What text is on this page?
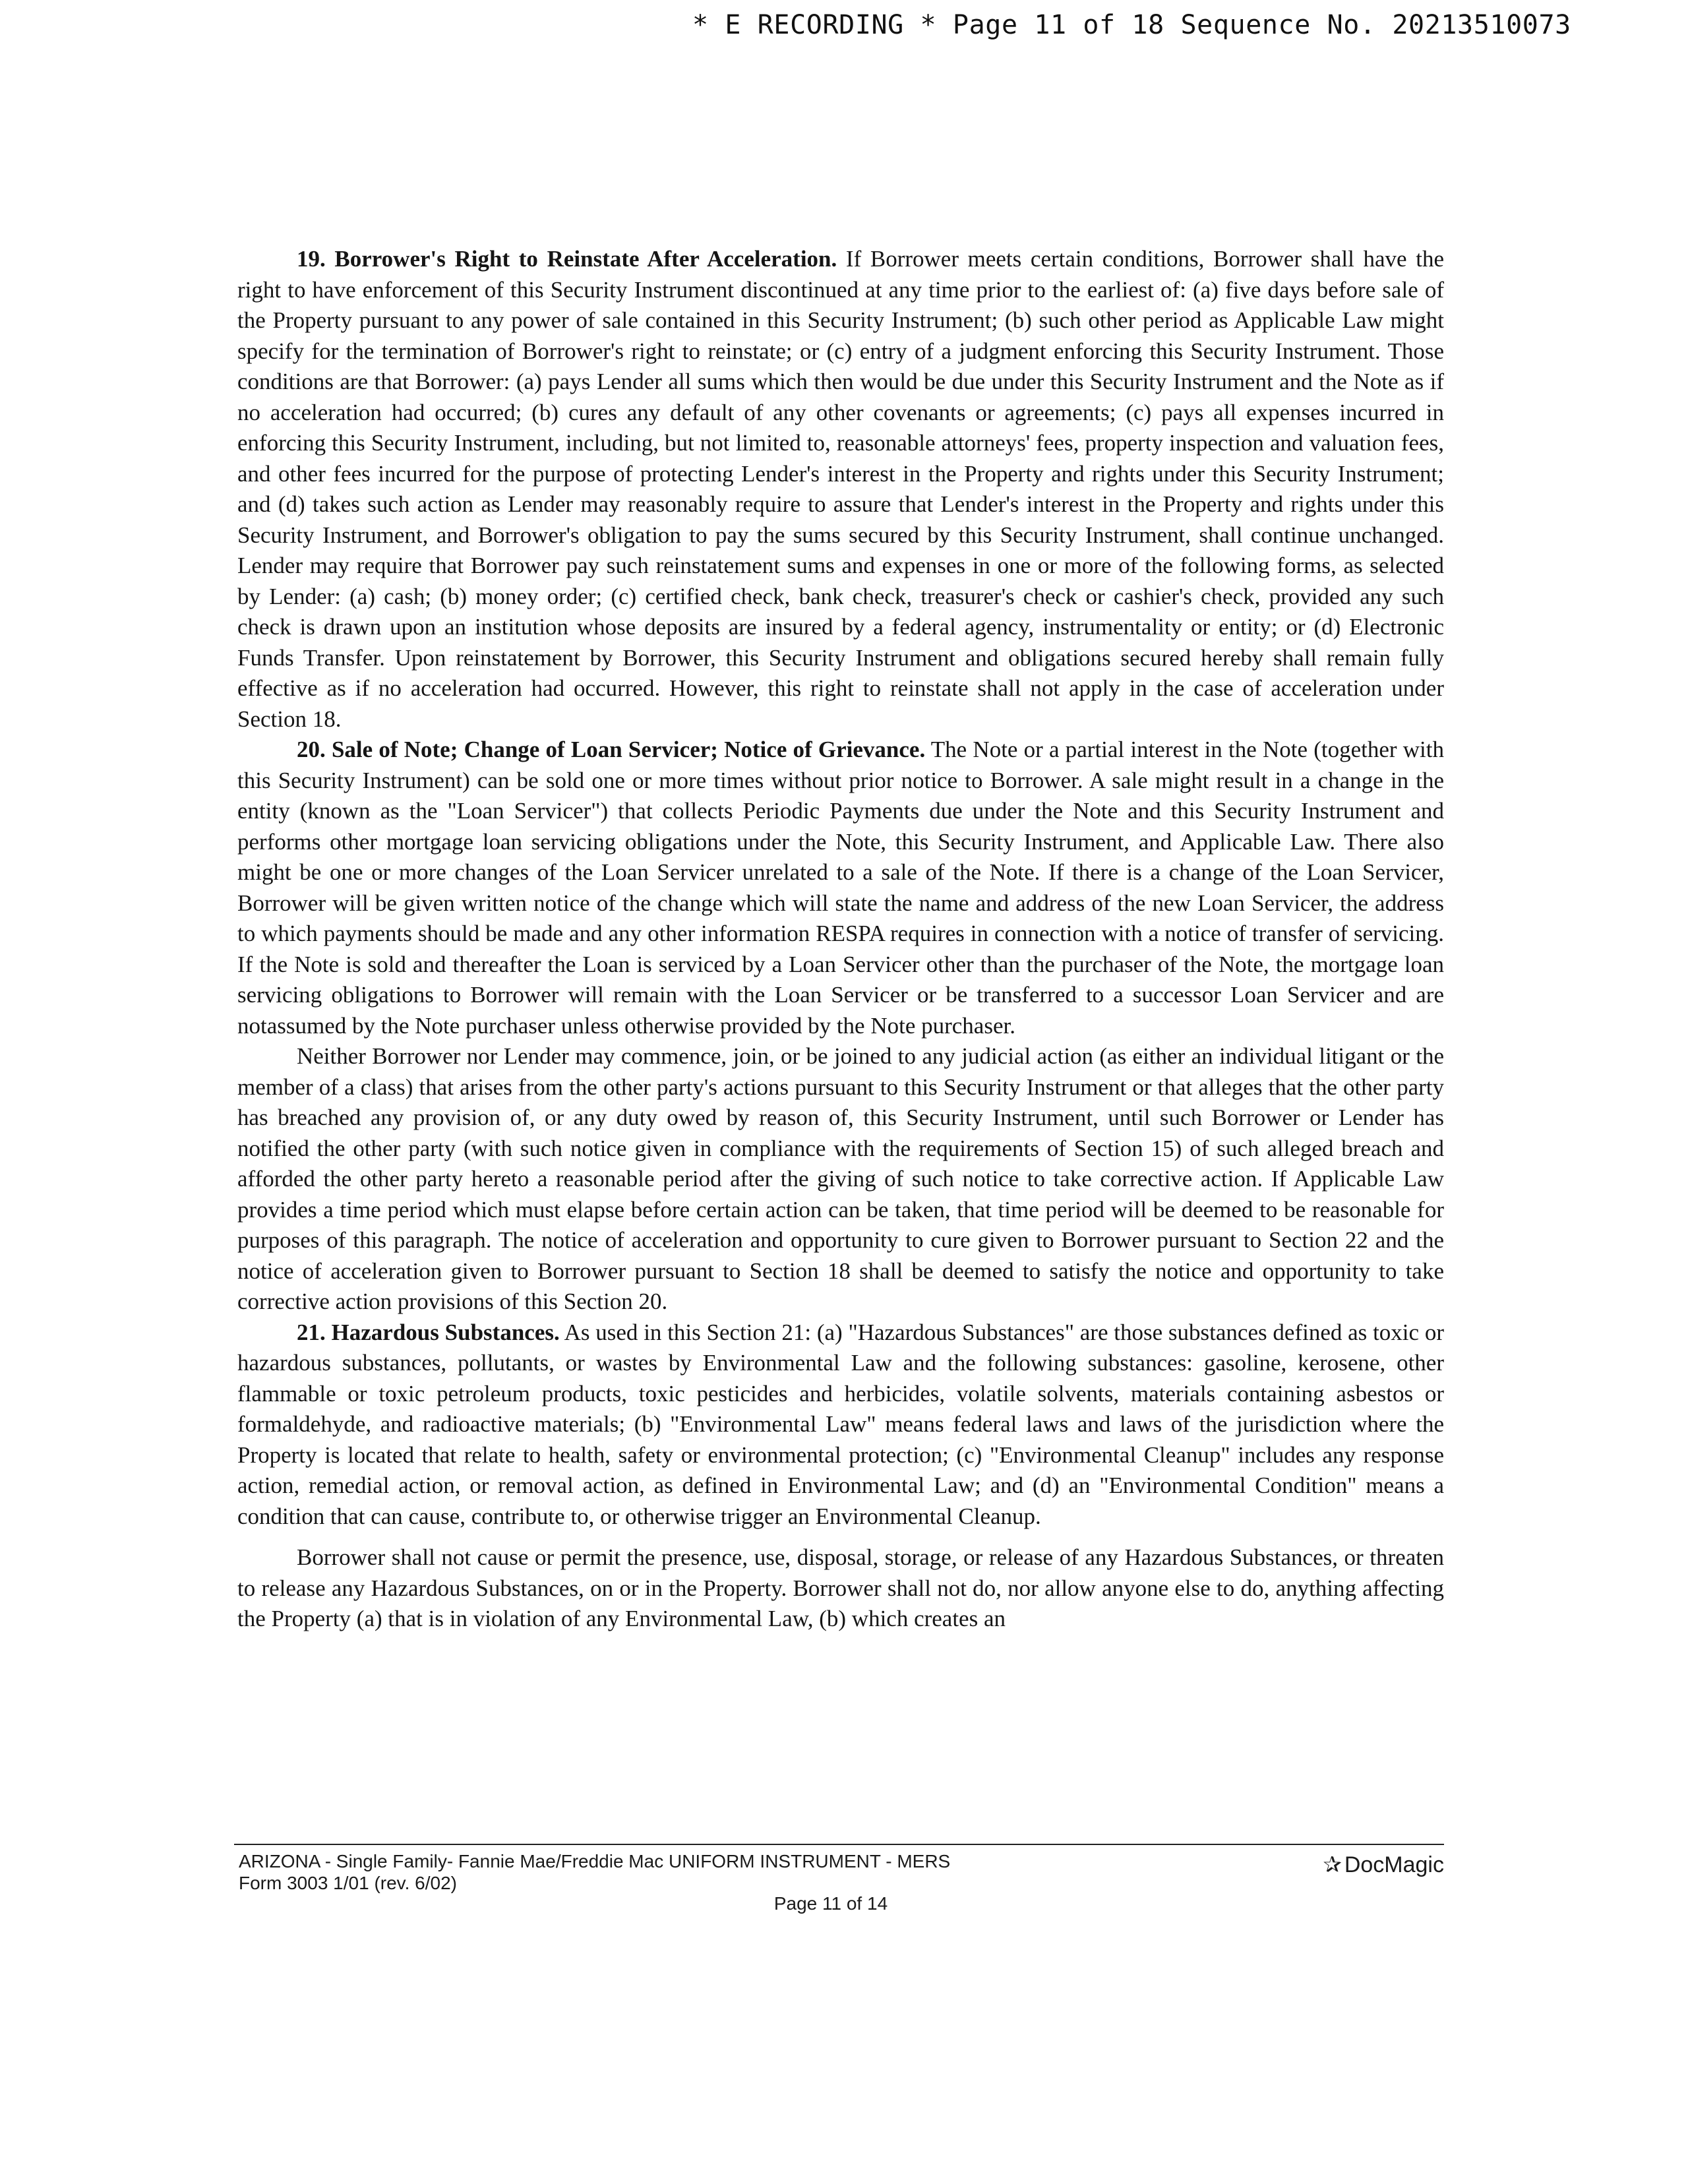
* E RECORDING * Page 11 of 18 Sequence No. 20213510073

19. Borrower's Right to Reinstate After Acceleration. If Borrower meets certain conditions, Borrower shall have the right to have enforcement of this Security Instrument discontinued at any time prior to the earliest of: (a) five days before sale of the Property pursuant to any power of sale contained in this Security Instrument; (b) such other period as Applicable Law might specify for the termination of Borrower's right to reinstate; or (c) entry of a judgment enforcing this Security Instrument. Those conditions are that Borrower: (a) pays Lender all sums which then would be due under this Security Instrument and the Note as if no acceleration had occurred; (b) cures any default of any other covenants or agreements; (c) pays all expenses incurred in enforcing this Security Instrument, including, but not limited to, reasonable attorneys' fees, property inspection and valuation fees, and other fees incurred for the purpose of protecting Lender's interest in the Property and rights under this Security Instrument; and (d) takes such action as Lender may reasonably require to assure that Lender's interest in the Property and rights under this Security Instrument, and Borrower's obligation to pay the sums secured by this Security Instrument, shall continue unchanged. Lender may require that Borrower pay such reinstatement sums and expenses in one or more of the following forms, as selected by Lender: (a) cash; (b) money order; (c) certified check, bank check, treasurer's check or cashier's check, provided any such check is drawn upon an institution whose deposits are insured by a federal agency, instrumentality or entity; or (d) Electronic Funds Transfer. Upon reinstatement by Borrower, this Security Instrument and obligations secured hereby shall remain fully effective as if no acceleration had occurred. However, this right to reinstate shall not apply in the case of acceleration under Section 18.

20. Sale of Note; Change of Loan Servicer; Notice of Grievance. The Note or a partial interest in the Note (together with this Security Instrument) can be sold one or more times without prior notice to Borrower. A sale might result in a change in the entity (known as the "Loan Servicer") that collects Periodic Payments due under the Note and this Security Instrument and performs other mortgage loan servicing obligations under the Note, this Security Instrument, and Applicable Law. There also might be one or more changes of the Loan Servicer unrelated to a sale of the Note. If there is a change of the Loan Servicer, Borrower will be given written notice of the change which will state the name and address of the new Loan Servicer, the address to which payments should be made and any other information RESPA requires in connection with a notice of transfer of servicing. If the Note is sold and thereafter the Loan is serviced by a Loan Servicer other than the purchaser of the Note, the mortgage loan servicing obligations to Borrower will remain with the Loan Servicer or be transferred to a successor Loan Servicer and are notassumed by the Note purchaser unless otherwise provided by the Note purchaser.

Neither Borrower nor Lender may commence, join, or be joined to any judicial action (as either an individual litigant or the member of a class) that arises from the other party's actions pursuant to this Security Instrument or that alleges that the other party has breached any provision of, or any duty owed by reason of, this Security Instrument, until such Borrower or Lender has notified the other party (with such notice given in compliance with the requirements of Section 15) of such alleged breach and afforded the other party hereto a reasonable period after the giving of such notice to take corrective action. If Applicable Law provides a time period which must elapse before certain action can be taken, that time period will be deemed to be reasonable for purposes of this paragraph. The notice of acceleration and opportunity to cure given to Borrower pursuant to Section 22 and the notice of acceleration given to Borrower pursuant to Section 18 shall be deemed to satisfy the notice and opportunity to take corrective action provisions of this Section 20.

21. Hazardous Substances. As used in this Section 21: (a) "Hazardous Substances" are those substances defined as toxic or hazardous substances, pollutants, or wastes by Environmental Law and the following substances: gasoline, kerosene, other flammable or toxic petroleum products, toxic pesticides and herbicides, volatile solvents, materials containing asbestos or formaldehyde, and radioactive materials; (b) "Environmental Law" means federal laws and laws of the jurisdiction where the Property is located that relate to health, safety or environmental protection; (c) "Environmental Cleanup" includes any response action, remedial action, or removal action, as defined in Environmental Law; and (d) an "Environmental Condition" means a condition that can cause, contribute to, or otherwise trigger an Environmental Cleanup.

Borrower shall not cause or permit the presence, use, disposal, storage, or release of any Hazardous Substances, or threaten to release any Hazardous Substances, on or in the Property. Borrower shall not do, nor allow anyone else to do, anything affecting the Property (a) that is in violation of any Environmental Law, (b) which creates an

ARIZONA - Single Family- Fannie Mae/Freddie Mac UNIFORM INSTRUMENT - MERS
Form 3003 1/01 (rev. 6/02)
✰ DocMagic
Page 11 of 14
